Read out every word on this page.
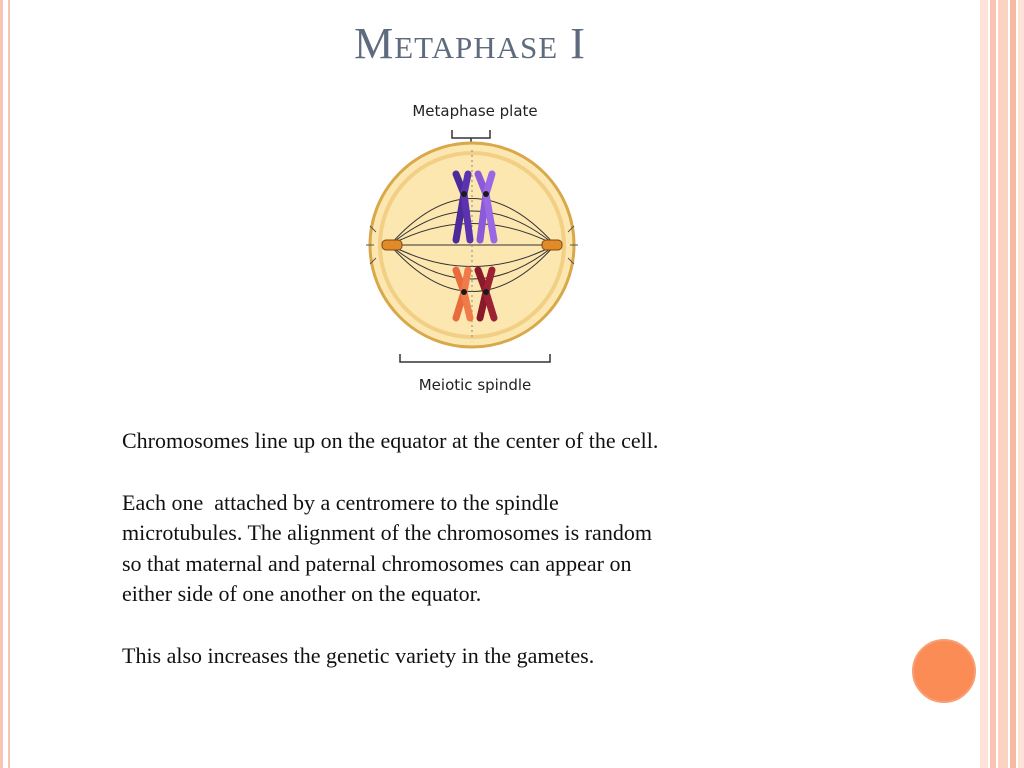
Metaphase I
Metaphase plate
Meiotic spindle

Chromosomes line up on the equator at the center of the cell.

Each one  attached by a centromere to the spindle
microtubules. The alignment of the chromosomes is random
so that maternal and paternal chromosomes can appear on
either side of one another on the equator.

This also increases the genetic variety in the gametes.
